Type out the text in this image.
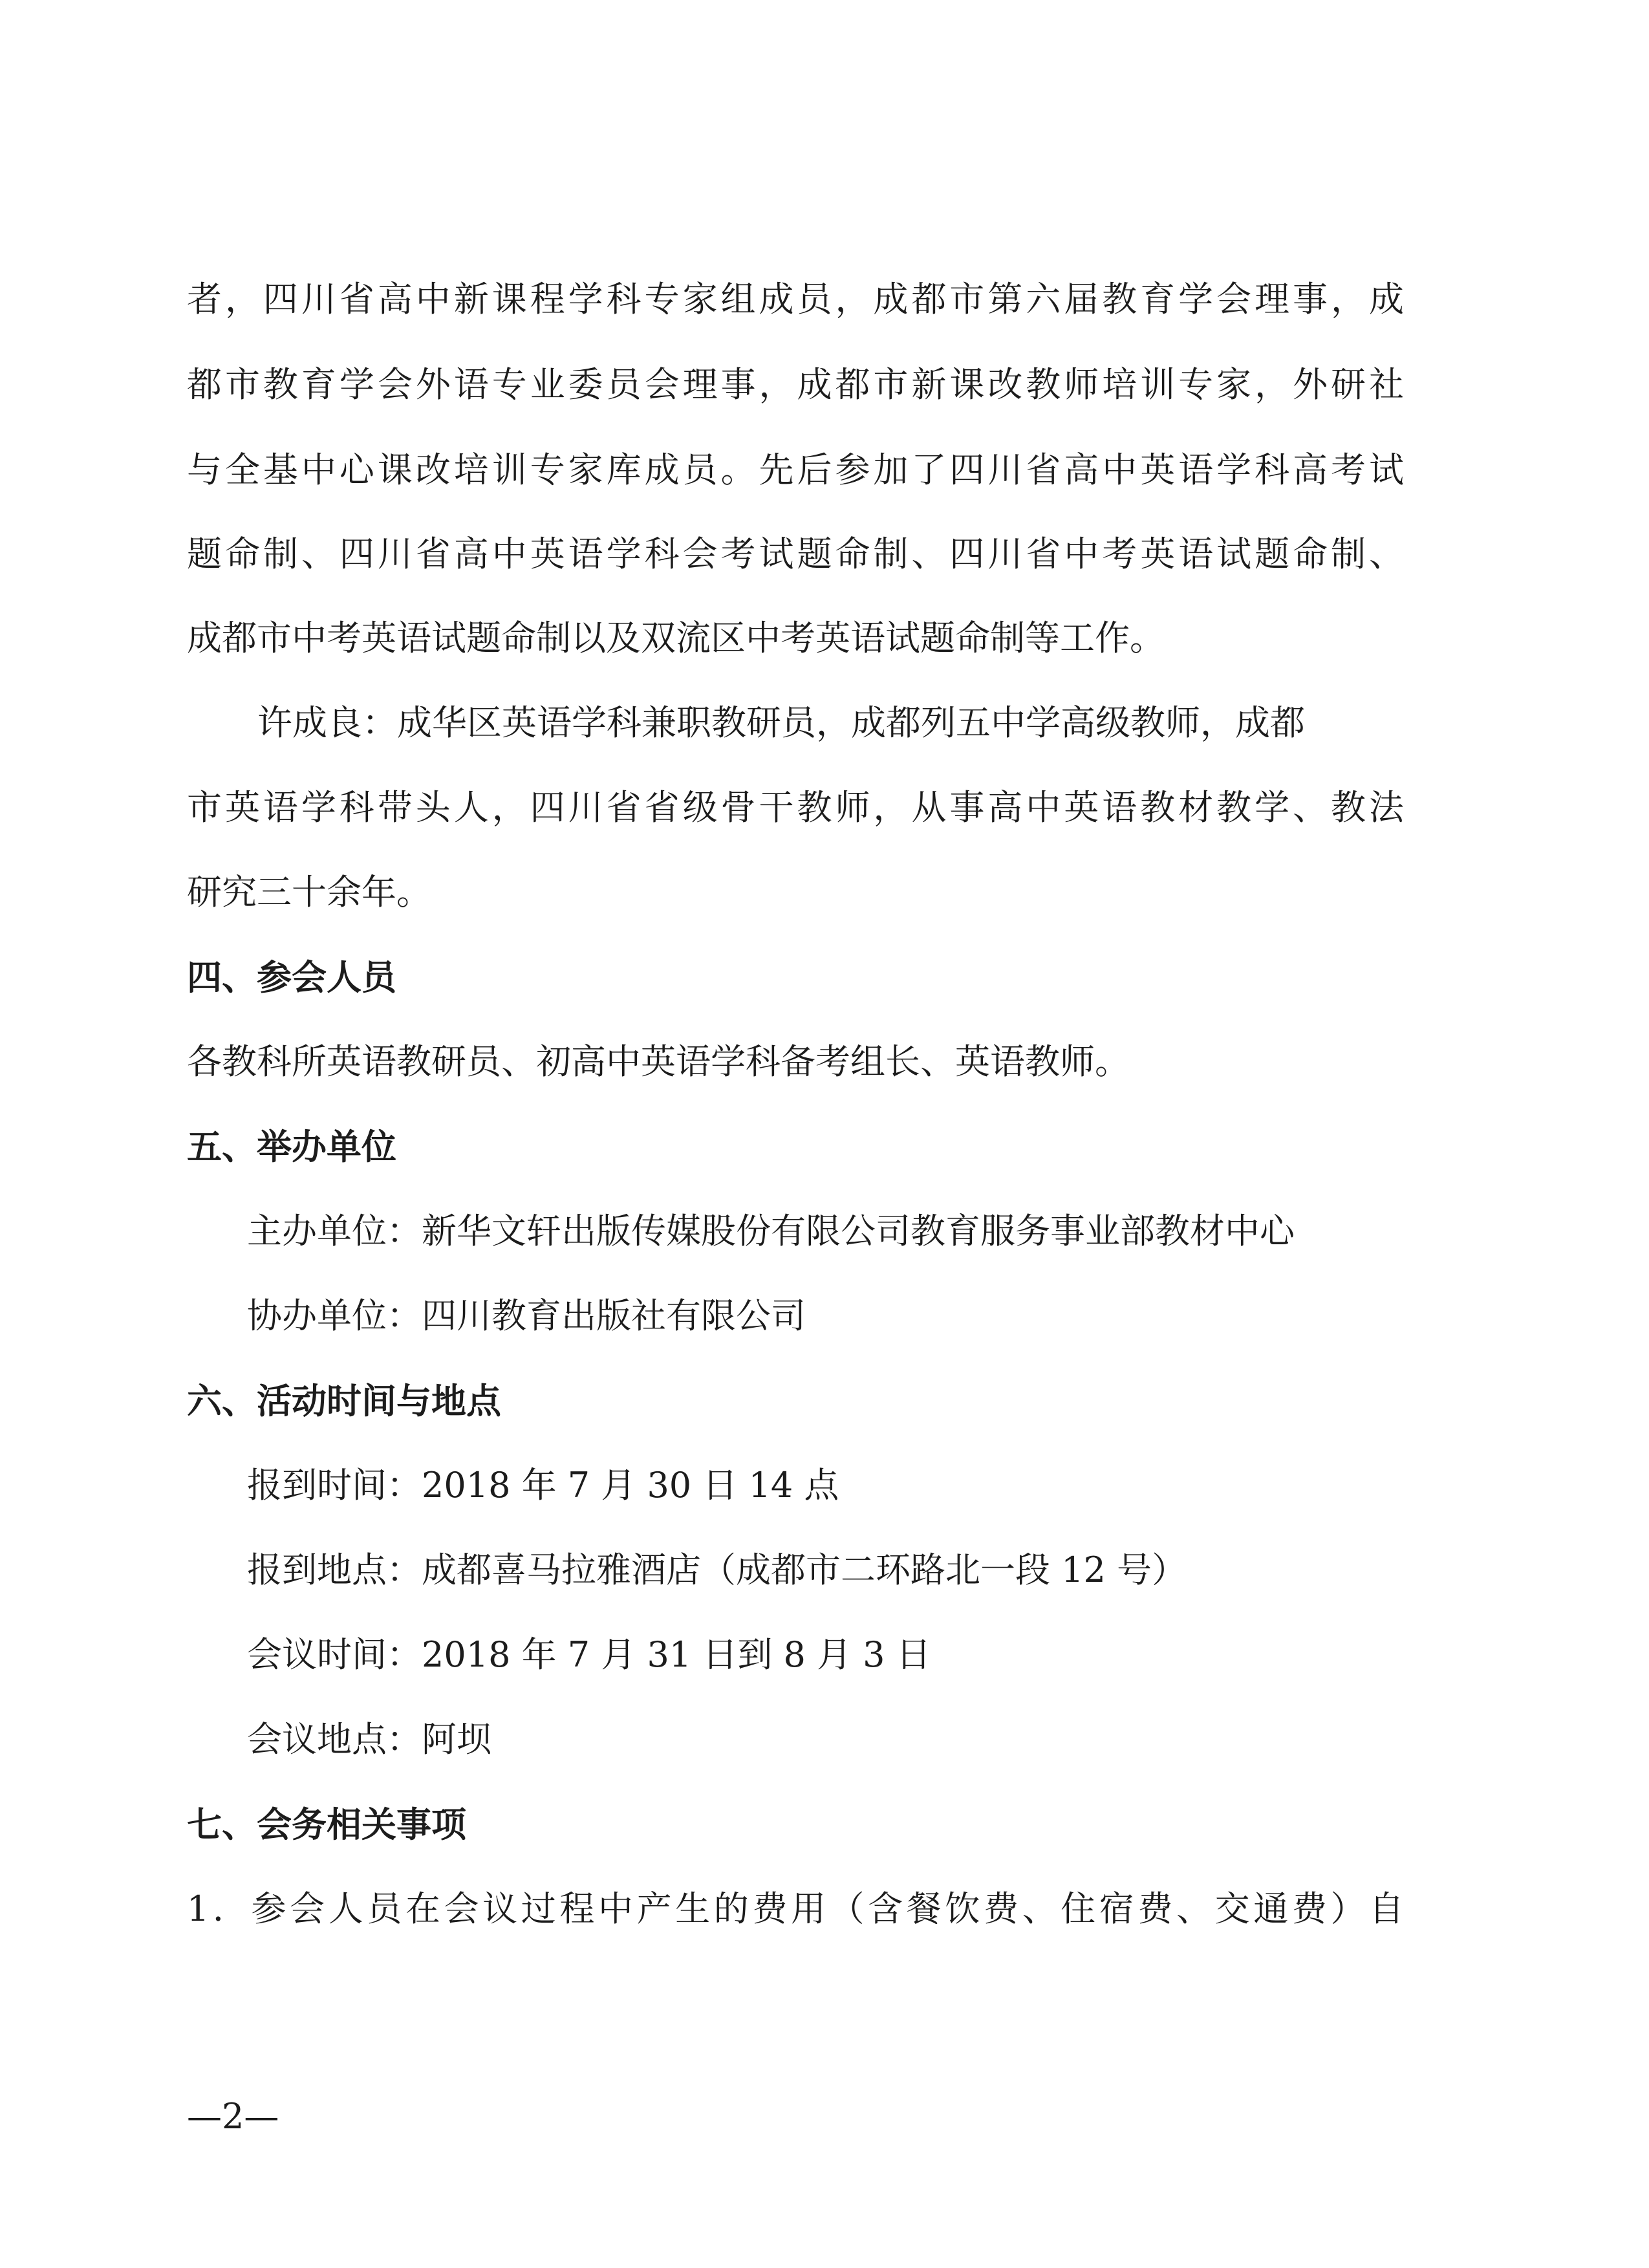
者，四川省高中新课程学科专家组成员，成都市第六届教育学会理事，成
都市教育学会外语专业委员会理事，成都市新课改教师培训专家，外研社
与全基中心课改培训专家库成员。先后参加了四川省高中英语学科高考试
题命制、四川省高中英语学科会考试题命制、四川省中考英语试题命制、
成都市中考英语试题命制以及双流区中考英语试题命制等工作。
许成良：成华区英语学科兼职教研员，成都列五中学高级教师，成都
市英语学科带头人，四川省省级骨干教师，从事高中英语教材教学、教法
研究三十余年。
四、参会人员
各教科所英语教研员、初高中英语学科备考组长、英语教师。
五、举办单位
主办单位：新华文轩出版传媒股份有限公司教育服务事业部教材中心
协办单位：四川教育出版社有限公司
六、活动时间与地点
报到时间：2018 年 7 月 30 日 14 点
报到地点：成都喜马拉雅酒店（成都市二环路北一段 12 号）
会议时间：2018 年 7 月 31 日到 8 月 3 日
会议地点：阿坝
七、会务相关事项
1．参会人员在会议过程中产生的费用（含餐饮费、住宿费、交通费）自
—2—
